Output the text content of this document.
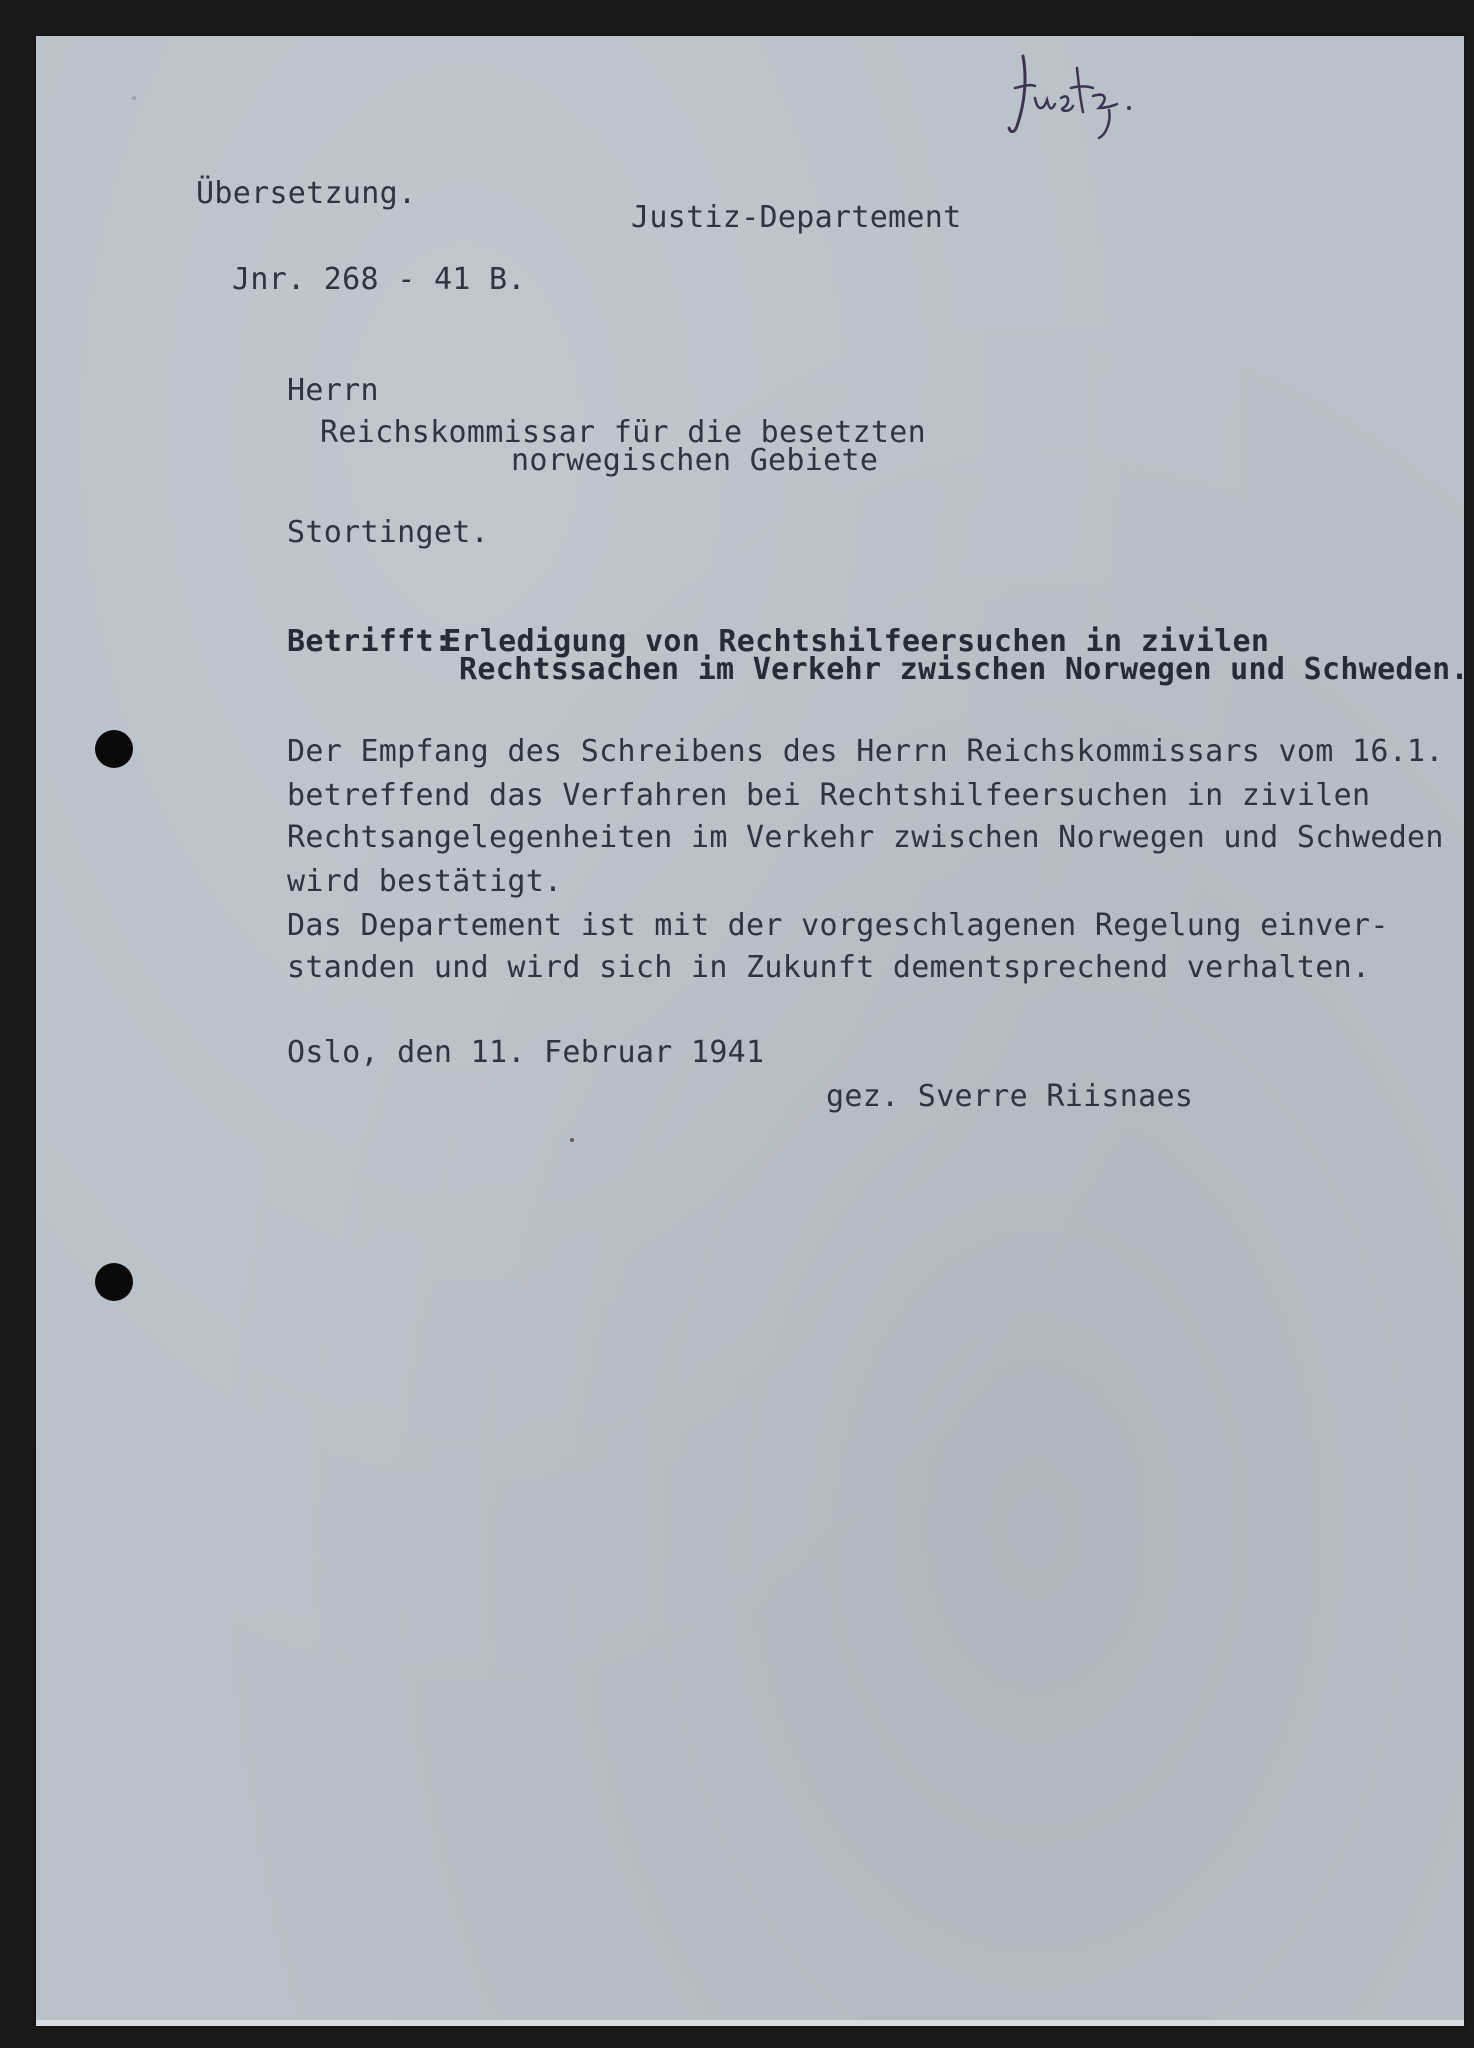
Übersetzung.
Justiz-Departement
Jnr. 268 - 41 B.
Herrn
Reichskommissar für die besetzten
norwegischen Gebiete
Stortinget.
Betrifft:
Erledigung von Rechtshilfeersuchen in zivilen
Rechtssachen im Verkehr zwischen Norwegen und Schweden.
Der Empfang des Schreibens des Herrn Reichskommissars vom 16.1.
betreffend das Verfahren bei Rechtshilfeersuchen in zivilen
Rechtsangelegenheiten im Verkehr zwischen Norwegen und Schweden
wird bestätigt.
Das Departement ist mit der vorgeschlagenen Regelung einver-
standen und wird sich in Zukunft dementsprechend verhalten.
Oslo, den 11. Februar 1941
gez. Sverre Riisnaes
